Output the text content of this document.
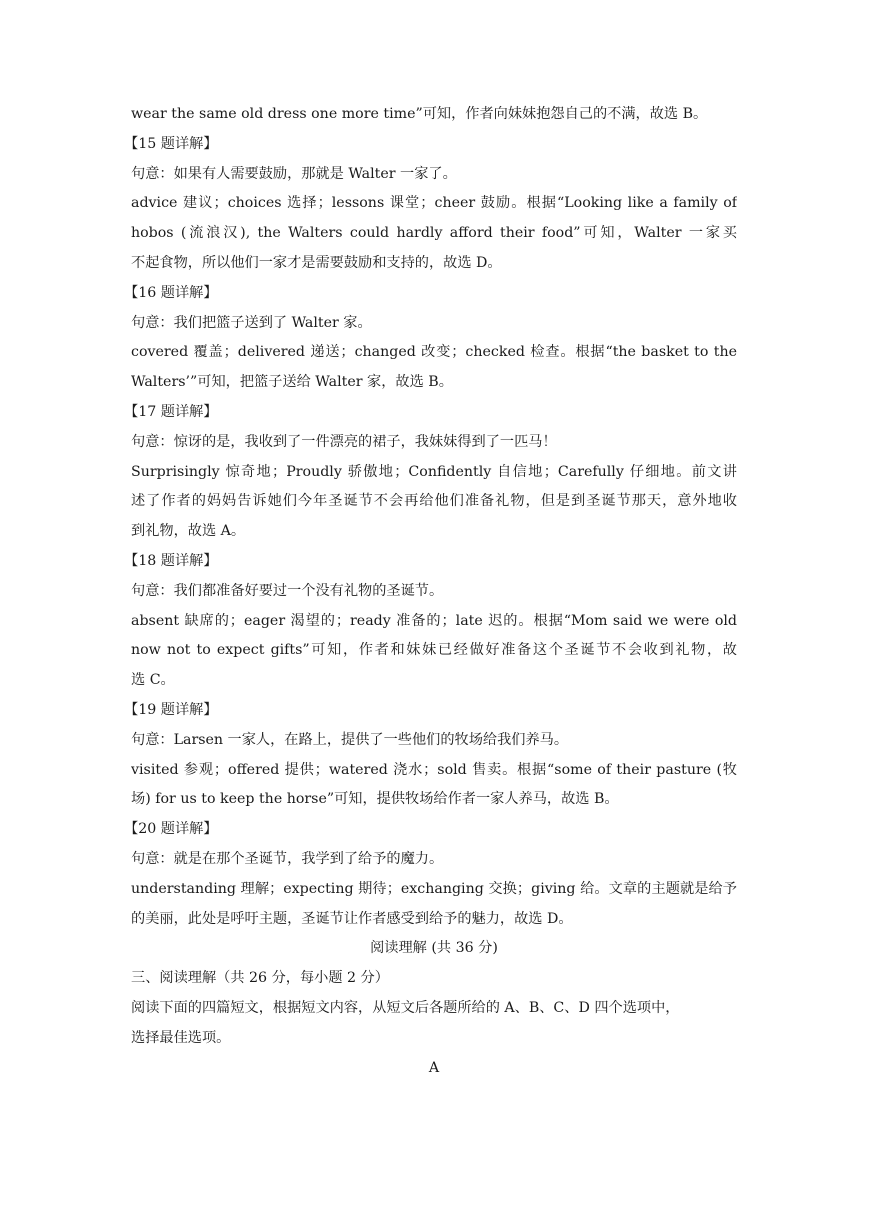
wear the same old dress one more time”可知，作者向妹妹抱怨自己的不满，故选 B。
【15 题详解】
句意：如果有人需要鼓励，那就是 Walter 一家了。
advice 建议；choices 选择；lessons 课堂；cheer 鼓励。根据“Looking like a family of
hobos (流浪汉), the Walters could hardly afford their food”可知，Walter 一家买
不起食物，所以他们一家才是需要鼓励和支持的，故选 D。
【16 题详解】
句意：我们把篮子送到了 Walter 家。
covered 覆盖；delivered 递送；changed 改变；checked 检查。根据“the basket to the
Walters’”可知，把篮子送给 Walter 家，故选 B。
【17 题详解】
句意：惊讶的是，我收到了一件漂亮的裙子，我妹妹得到了一匹马！
Surprisingly 惊奇地；Proudly 骄傲地；Confidently 自信地；Carefully 仔细地。前文讲
述了作者的妈妈告诉她们今年圣诞节不会再给他们准备礼物，但是到圣诞节那天，意外地收
到礼物，故选 A。
【18 题详解】
句意：我们都准备好要过一个没有礼物的圣诞节。
absent 缺席的；eager 渴望的；ready 准备的；late 迟的。根据“Mom said we were old
now not to expect gifts”可知，作者和妹妹已经做好准备这个圣诞节不会收到礼物，故
选 C。
【19 题详解】
句意：Larsen 一家人，在路上，提供了一些他们的牧场给我们养马。
visited 参观；offered 提供；watered 浇水；sold 售卖。根据“some of their pasture (牧
场) for us to keep the horse”可知，提供牧场给作者一家人养马，故选 B。
【20 题详解】
句意：就是在那个圣诞节，我学到了给予的魔力。
understanding 理解；expecting 期待；exchanging 交换；giving 给。文章的主题就是给予
的美丽，此处是呼吁主题，圣诞节让作者感受到给予的魅力，故选 D。
阅读理解 (共 36 分)
三、阅读理解（共 26 分，每小题 2 分）
阅读下面的四篇短文，根据短文内容，从短文后各题所给的 A、B、C、D 四个选项中，
选择最佳选项。
A
